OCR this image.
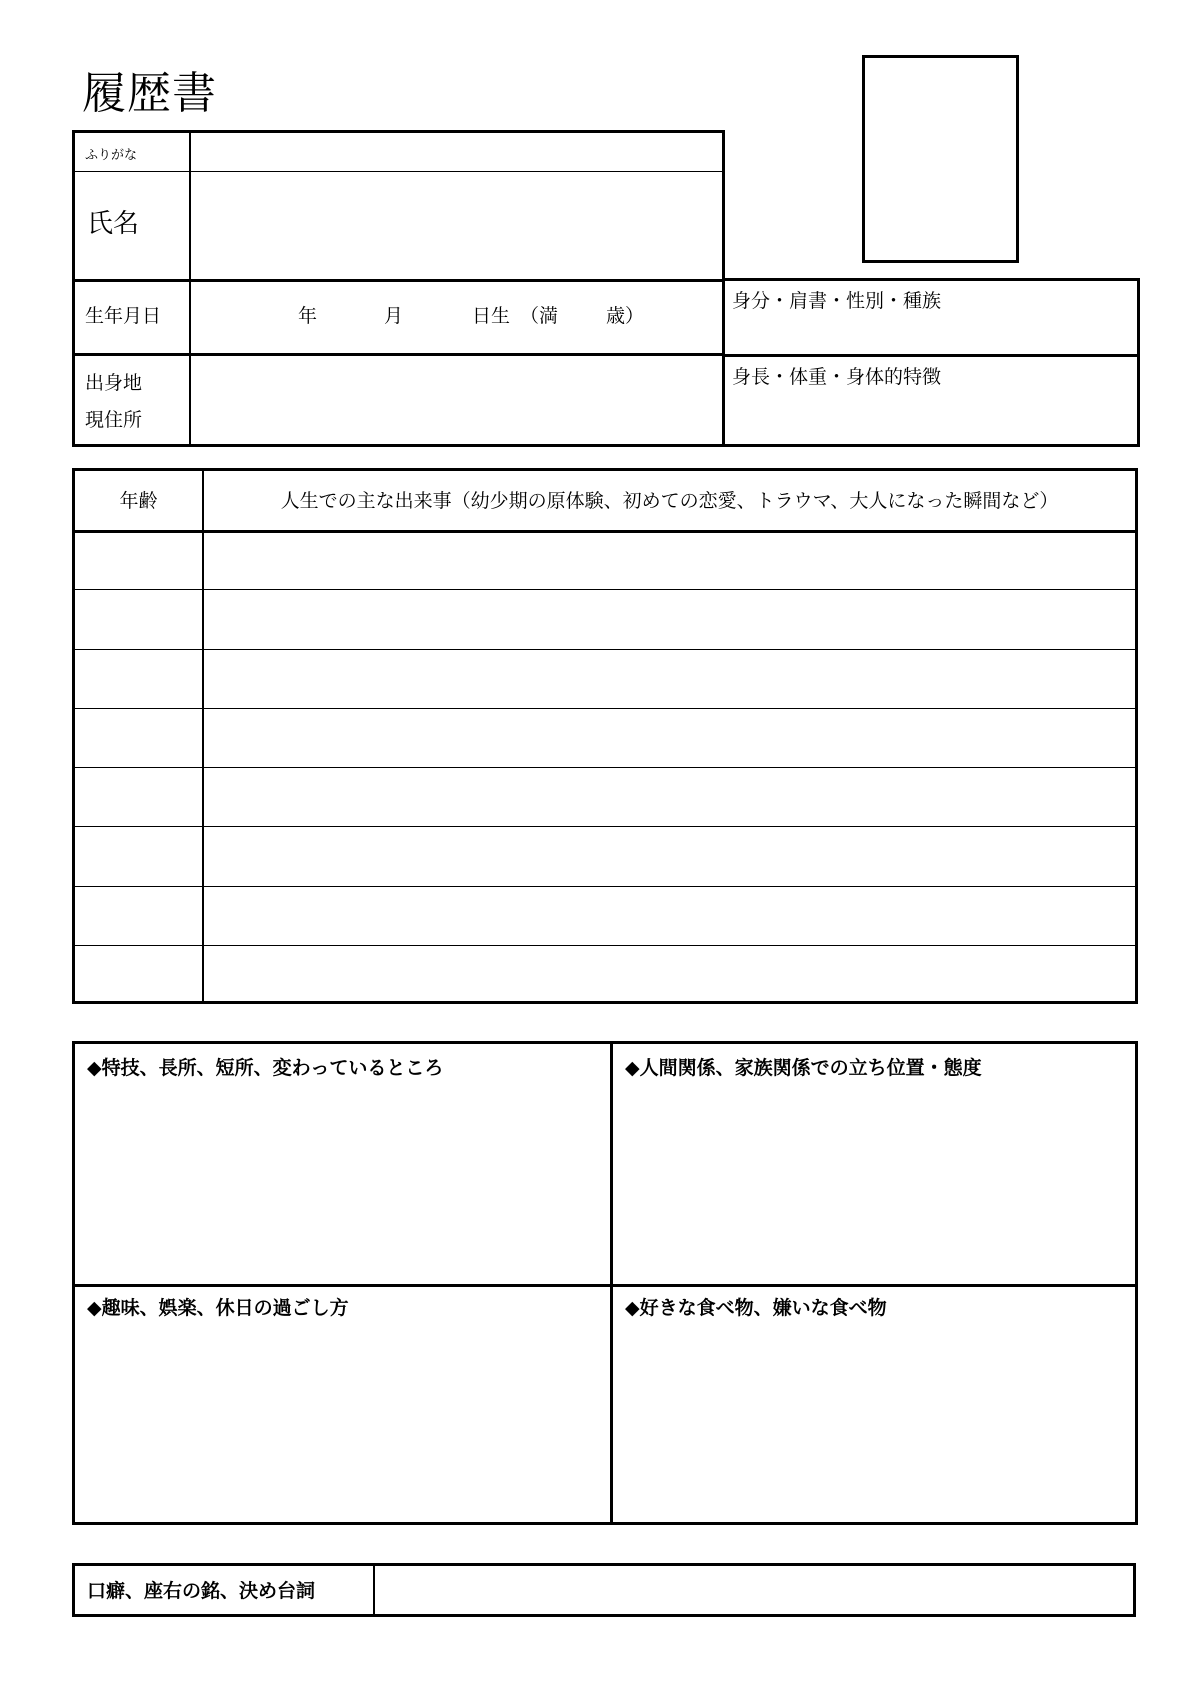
履歴書
ふりがな
氏名
生年月日	年	月	日生 （満	歳）
出身地
現住所
身分・肩書・性別・種族
身長・体重・身体的特徴
年齢	人生での主な出来事（幼少期の原体験、初めての恋愛、トラウマ、大人になった瞬間など）
◆特技、長所、短所、変わっているところ	◆人間関係、家族関係での立ち位置・態度
◆趣味、娯楽、休日の過ごし方	◆好きな食べ物、嫌いな食べ物
口癖、座右の銘、決め台詞
